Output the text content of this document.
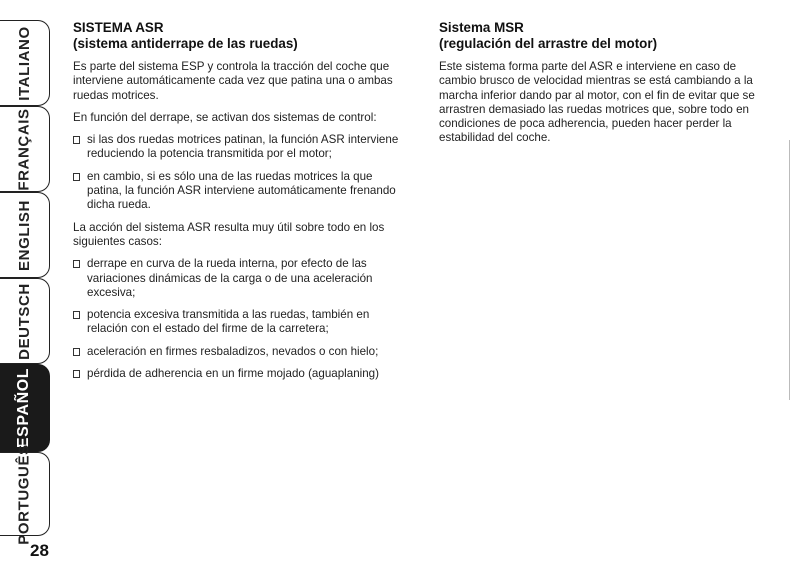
ITALIANO
FRANÇAIS
ENGLISH
DEUTSCH
ESPAÑOL
PORTUGUÊS
28
SISTEMA ASR
(sistema antiderrape de las ruedas)

Es parte del sistema ESP y controla la tracción del coche que interviene automáticamente cada vez que patina una o ambas ruedas motrices.

En función del derrape, se activan dos sistemas de control:

si las dos ruedas motrices patinan, la función ASR interviene reduciendo la potencia transmitida por el motor;
en cambio, si es sólo una de las ruedas motrices la que patina, la función ASR interviene automáticamente frenando dicha rueda.

La acción del sistema ASR resulta muy útil sobre todo en los siguientes casos:

derrape en curva de la rueda interna, por efecto de las variaciones dinámicas de la carga o de una aceleración excesiva;
potencia excesiva transmitida a las ruedas, también en relación con el estado del firme de la carretera;
aceleración en firmes resbaladizos, nevados o con hielo;
pérdida de adherencia en un firme mojado (aguaplaning)
Sistema MSR
(regulación del arrastre del motor)

Este sistema forma parte del ASR e interviene en caso de cambio brusco de velocidad mientras se está cambiando a la marcha inferior dando par al motor, con el fin de evitar que se arrastren demasiado las ruedas motrices que, sobre todo en condiciones de poca adherencia, pueden hacer perder la estabilidad del coche.
